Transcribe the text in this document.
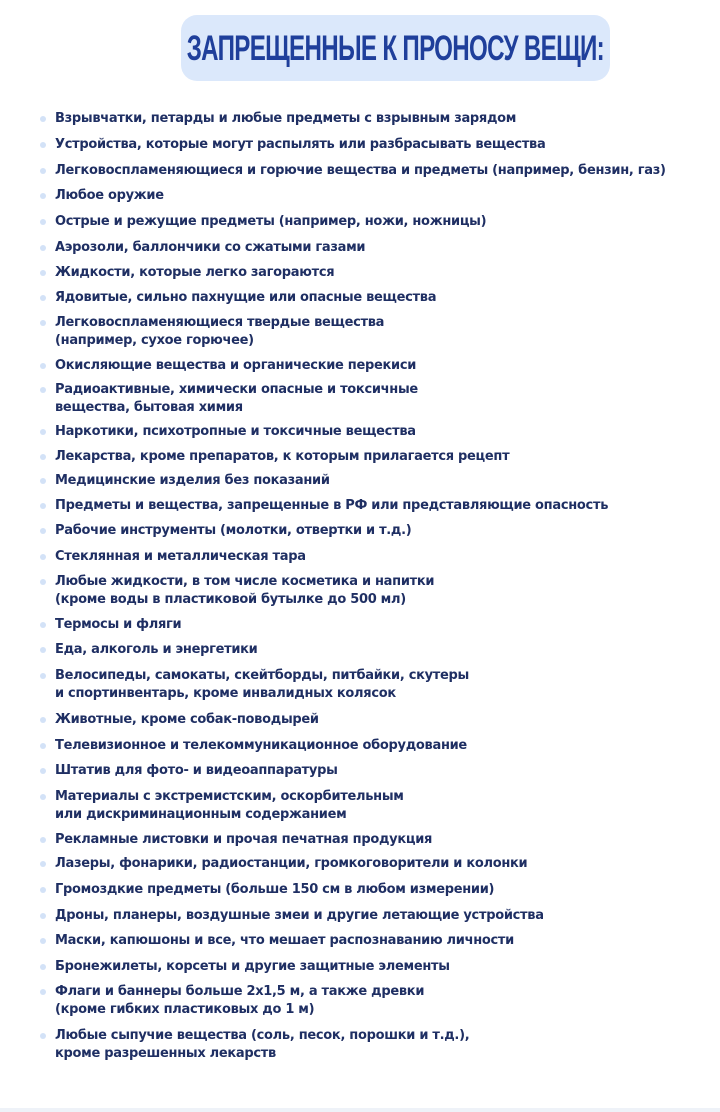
ЗАПРЕЩЕННЫЕ К ПРОНОСУ ВЕЩИ:
Взрывчатки, петарды и любые предметы с взрывным зарядом
Устройства, которые могут распылять или разбрасывать вещества
Легковоспламеняющиеся и горючие вещества и предметы (например, бензин, газ)
Любое оружие
Острые и режущие предметы (например, ножи, ножницы)
Аэрозоли, баллончики со сжатыми газами
Жидкости, которые легко загораются
Ядовитые, сильно пахнущие или опасные вещества
Легковоспламеняющиеся твердые вещества
(например, сухое горючее)
Окисляющие вещества и органические перекиси
Радиоактивные, химически опасные и токсичные
вещества, бытовая химия
Наркотики, психотропные и токсичные вещества
Лекарства, кроме препаратов, к которым прилагается рецепт
Медицинские изделия без показаний
Предметы и вещества, запрещенные в РФ или представляющие опасность
Рабочие инструменты (молотки, отвертки и т.д.)
Стеклянная и металлическая тара
Любые жидкости, в том числе косметика и напитки
(кроме воды в пластиковой бутылке до 500 мл)
Термосы и фляги
Еда, алкоголь и энергетики
Велосипеды, самокаты, скейтборды, питбайки, скутеры
и спортинвентарь, кроме инвалидных колясок
Животные, кроме собак-поводырей
Телевизионное и телекоммуникационное оборудование
Штатив для фото- и видеоаппаратуры
Материалы с экстремистским, оскорбительным
или дискриминационным содержанием
Рекламные листовки и прочая печатная продукция
Лазеры, фонарики, радиостанции, громкоговорители и колонки
Громоздкие предметы (больше 150 см в любом измерении)
Дроны, планеры, воздушные змеи и другие летающие устройства
Маски, капюшоны и все, что мешает распознаванию личности
Бронежилеты, корсеты и другие защитные элементы
Флаги и баннеры больше 2х1,5 м, а также древки
(кроме гибких пластиковых до 1 м)
Любые сыпучие вещества (соль, песок, порошки и т.д.),
кроме разрешенных лекарств
